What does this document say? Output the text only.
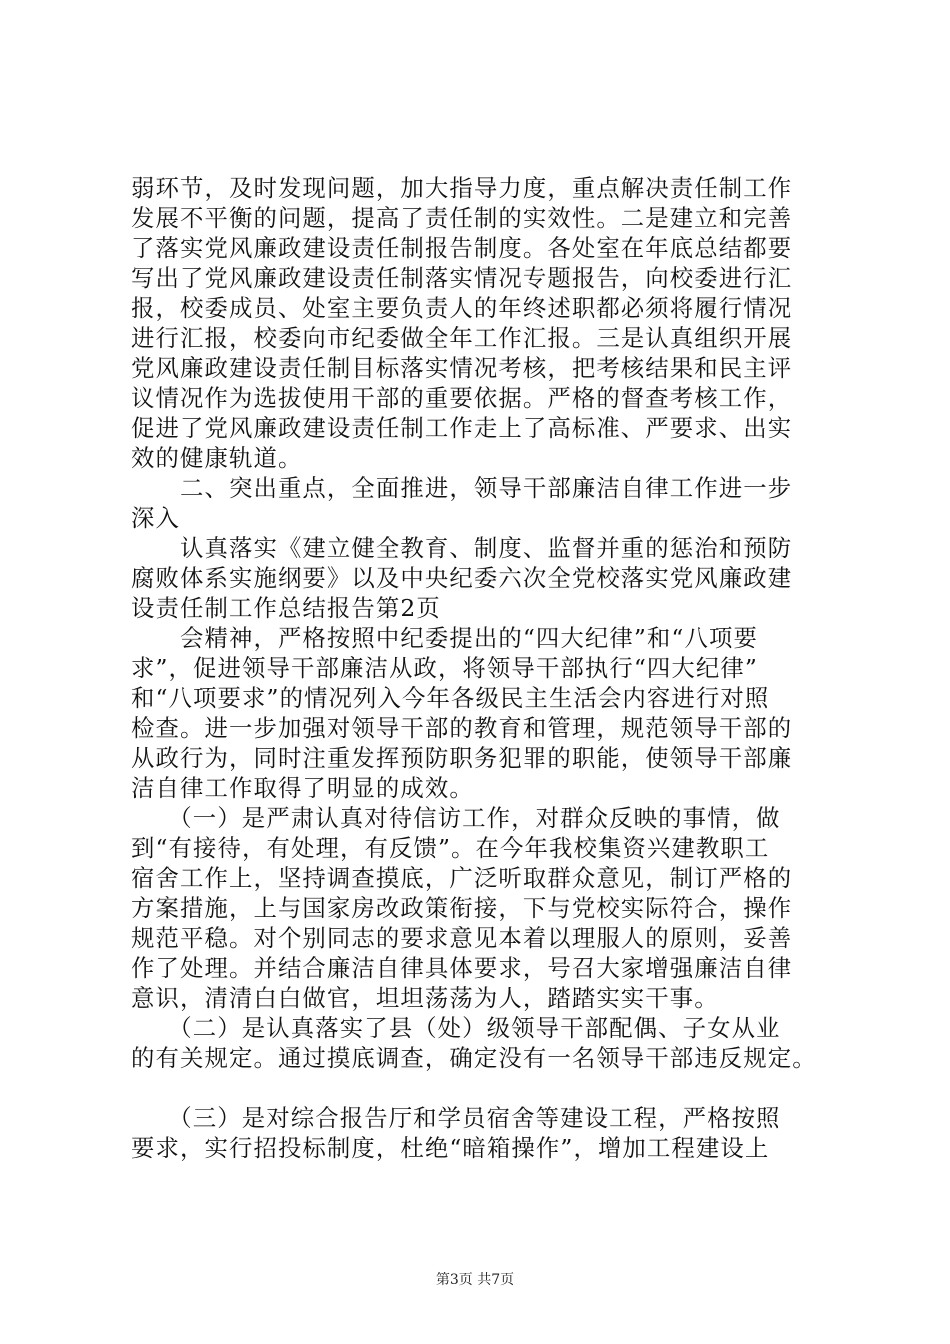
弱环节，及时发现问题，加大指导力度，重点解决责任制工作
发展不平衡的问题，提高了责任制的实效性。二是建立和完善
了落实党风廉政建设责任制报告制度。各处室在年底总结都要
写出了党风廉政建设责任制落实情况专题报告，向校委进行汇
报，校委成员、处室主要负责人的年终述职都必须将履行情况
进行汇报，校委向市纪委做全年工作汇报。三是认真组织开展
党风廉政建设责任制目标落实情况考核，把考核结果和民主评
议情况作为选拔使用干部的重要依据。严格的督查考核工作，
促进了党风廉政建设责任制工作走上了高标准、严要求、出实
效的健康轨道。
　　二、突出重点，全面推进，领导干部廉洁自律工作进一步
深入
　　认真落实《建立健全教育、制度、监督并重的惩治和预防
腐败体系实施纲要》以及中央纪委六次全党校落实党风廉政建
设责任制工作总结报告第2页
　　会精神，严格按照中纪委提出的“四大纪律”和“八项要
求”，促进领导干部廉洁从政，将领导干部执行“四大纪律”
和“八项要求”的情况列入今年各级民主生活会内容进行对照
检查。进一步加强对领导干部的教育和管理，规范领导干部的
从政行为，同时注重发挥预防职务犯罪的职能，使领导干部廉
洁自律工作取得了明显的成效。
　　（一）是严肃认真对待信访工作，对群众反映的事情，做
到“有接待，有处理，有反馈”。在今年我校集资兴建教职工
宿舍工作上，坚持调查摸底，广泛听取群众意见，制订严格的
方案措施，上与国家房改政策衔接，下与党校实际符合，操作
规范平稳。对个别同志的要求意见本着以理服人的原则，妥善
作了处理。并结合廉洁自律具体要求，号召大家增强廉洁自律
意识，清清白白做官，坦坦荡荡为人，踏踏实实干事。
　　（二）是认真落实了县（处）级领导干部配偶、子女从业
的有关规定。通过摸底调查，确定没有一名领导干部违反规定。
　　（三）是对综合报告厅和学员宿舍等建设工程，严格按照
要求，实行招投标制度，杜绝“暗箱操作”，增加工程建设上
第3页 共7页
